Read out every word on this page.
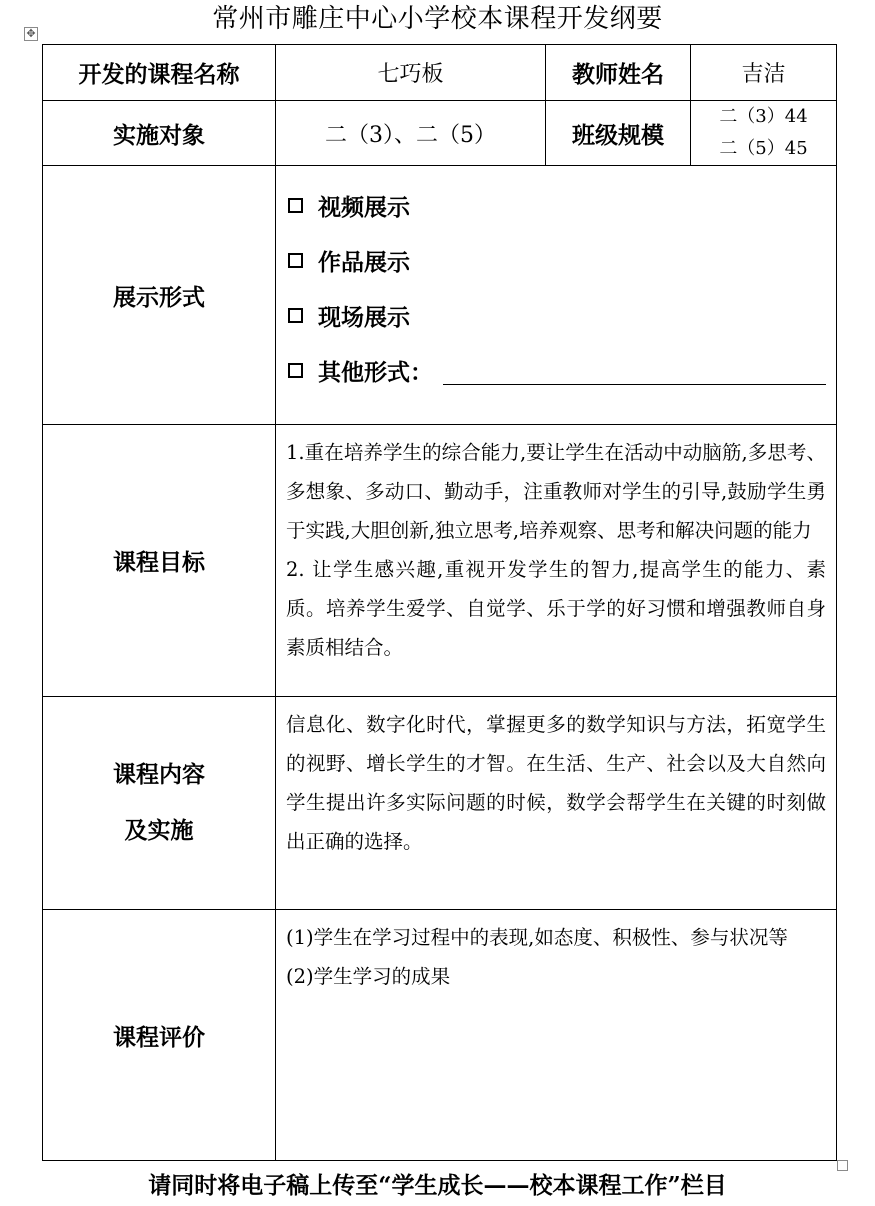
常州市雕庄中心小学校本课程开发纲要
✥
开发的课程名称	七巧板	教师姓名	吉洁
实施对象	二（3）、二（5）	班级规模	二（3）44
二（5）45

展示形式	视频展示
作品展示
现场展示
其他形式：		

课程目标	1.重在培养学生的综合能力,要让学生在活动中动脑筋,多思考、多想象、多动口、勤动手，注重教师对学生的引导,鼓励学生勇于实践,大胆创新,独立思考,培养观察、思考和解决问题的能力

2. 让学生感兴趣,重视开发学生的智力,提高学生的能力、素质。培养学生爱学、自觉学、乐于学的好习惯和增强教师自身素质相结合。		

课程内容
及实施	信息化、数字化时代，掌握更多的数学知识与方法，拓宽学生的视野、增长学生的才智。在生活、生产、社会以及大自然向学生提出许多实际问题的时候，数学会帮学生在关键的时刻做出正确的选择。		

课程评价	(1)学生在学习过程中的表现,如态度、积极性、参与状况等

(2)学生学习的成果		

请同时将电子稿上传至“学生成长——校本课程工作”栏目
